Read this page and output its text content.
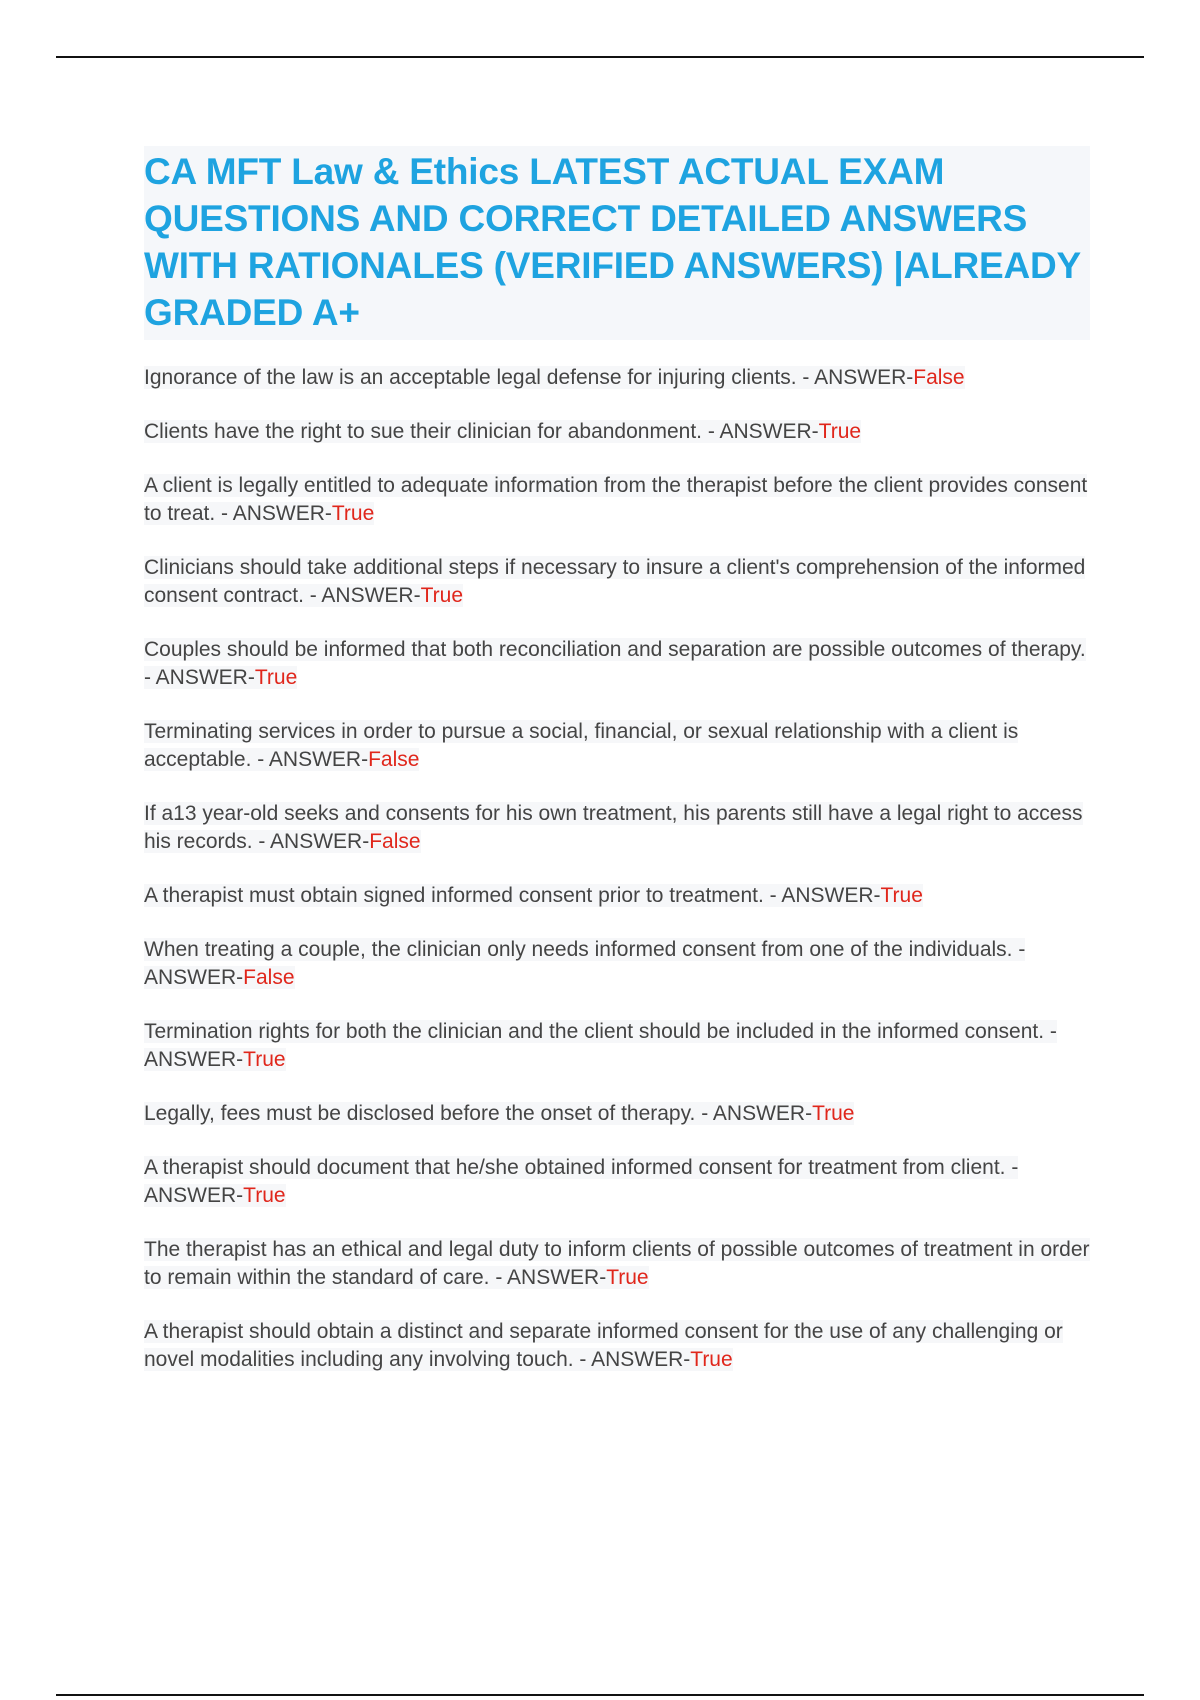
CA MFT Law & Ethics LATEST ACTUAL EXAM QUESTIONS AND CORRECT DETAILED ANSWERS WITH RATIONALES (VERIFIED ANSWERS) |ALREADY GRADED A+

Ignorance of the law is an acceptable legal defense for injuring clients. - ANSWER-False

Clients have the right to sue their clinician for abandonment. - ANSWER-True

A client is legally entitled to adequate information from the therapist before the client provides consent to treat. - ANSWER-True

Clinicians should take additional steps if necessary to insure a client's comprehension of the informed consent contract. - ANSWER-True

Couples should be informed that both reconciliation and separation are possible outcomes of therapy. - ANSWER-True

Terminating services in order to pursue a social, financial, or sexual relationship with a client is acceptable. - ANSWER-False

If a13 year-old seeks and consents for his own treatment, his parents still have a legal right to access his records. - ANSWER-False

A therapist must obtain signed informed consent prior to treatment. - ANSWER-True

When treating a couple, the clinician only needs informed consent from one of the individuals. - ANSWER-False

Termination rights for both the clinician and the client should be included in the informed consent. - ANSWER-True

Legally, fees must be disclosed before the onset of therapy. - ANSWER-True

A therapist should document that he/she obtained informed consent for treatment from client. - ANSWER-True

The therapist has an ethical and legal duty to inform clients of possible outcomes of treatment in order to remain within the standard of care. - ANSWER-True

A therapist should obtain a distinct and separate informed consent for the use of any challenging or novel modalities including any involving touch. - ANSWER-True
